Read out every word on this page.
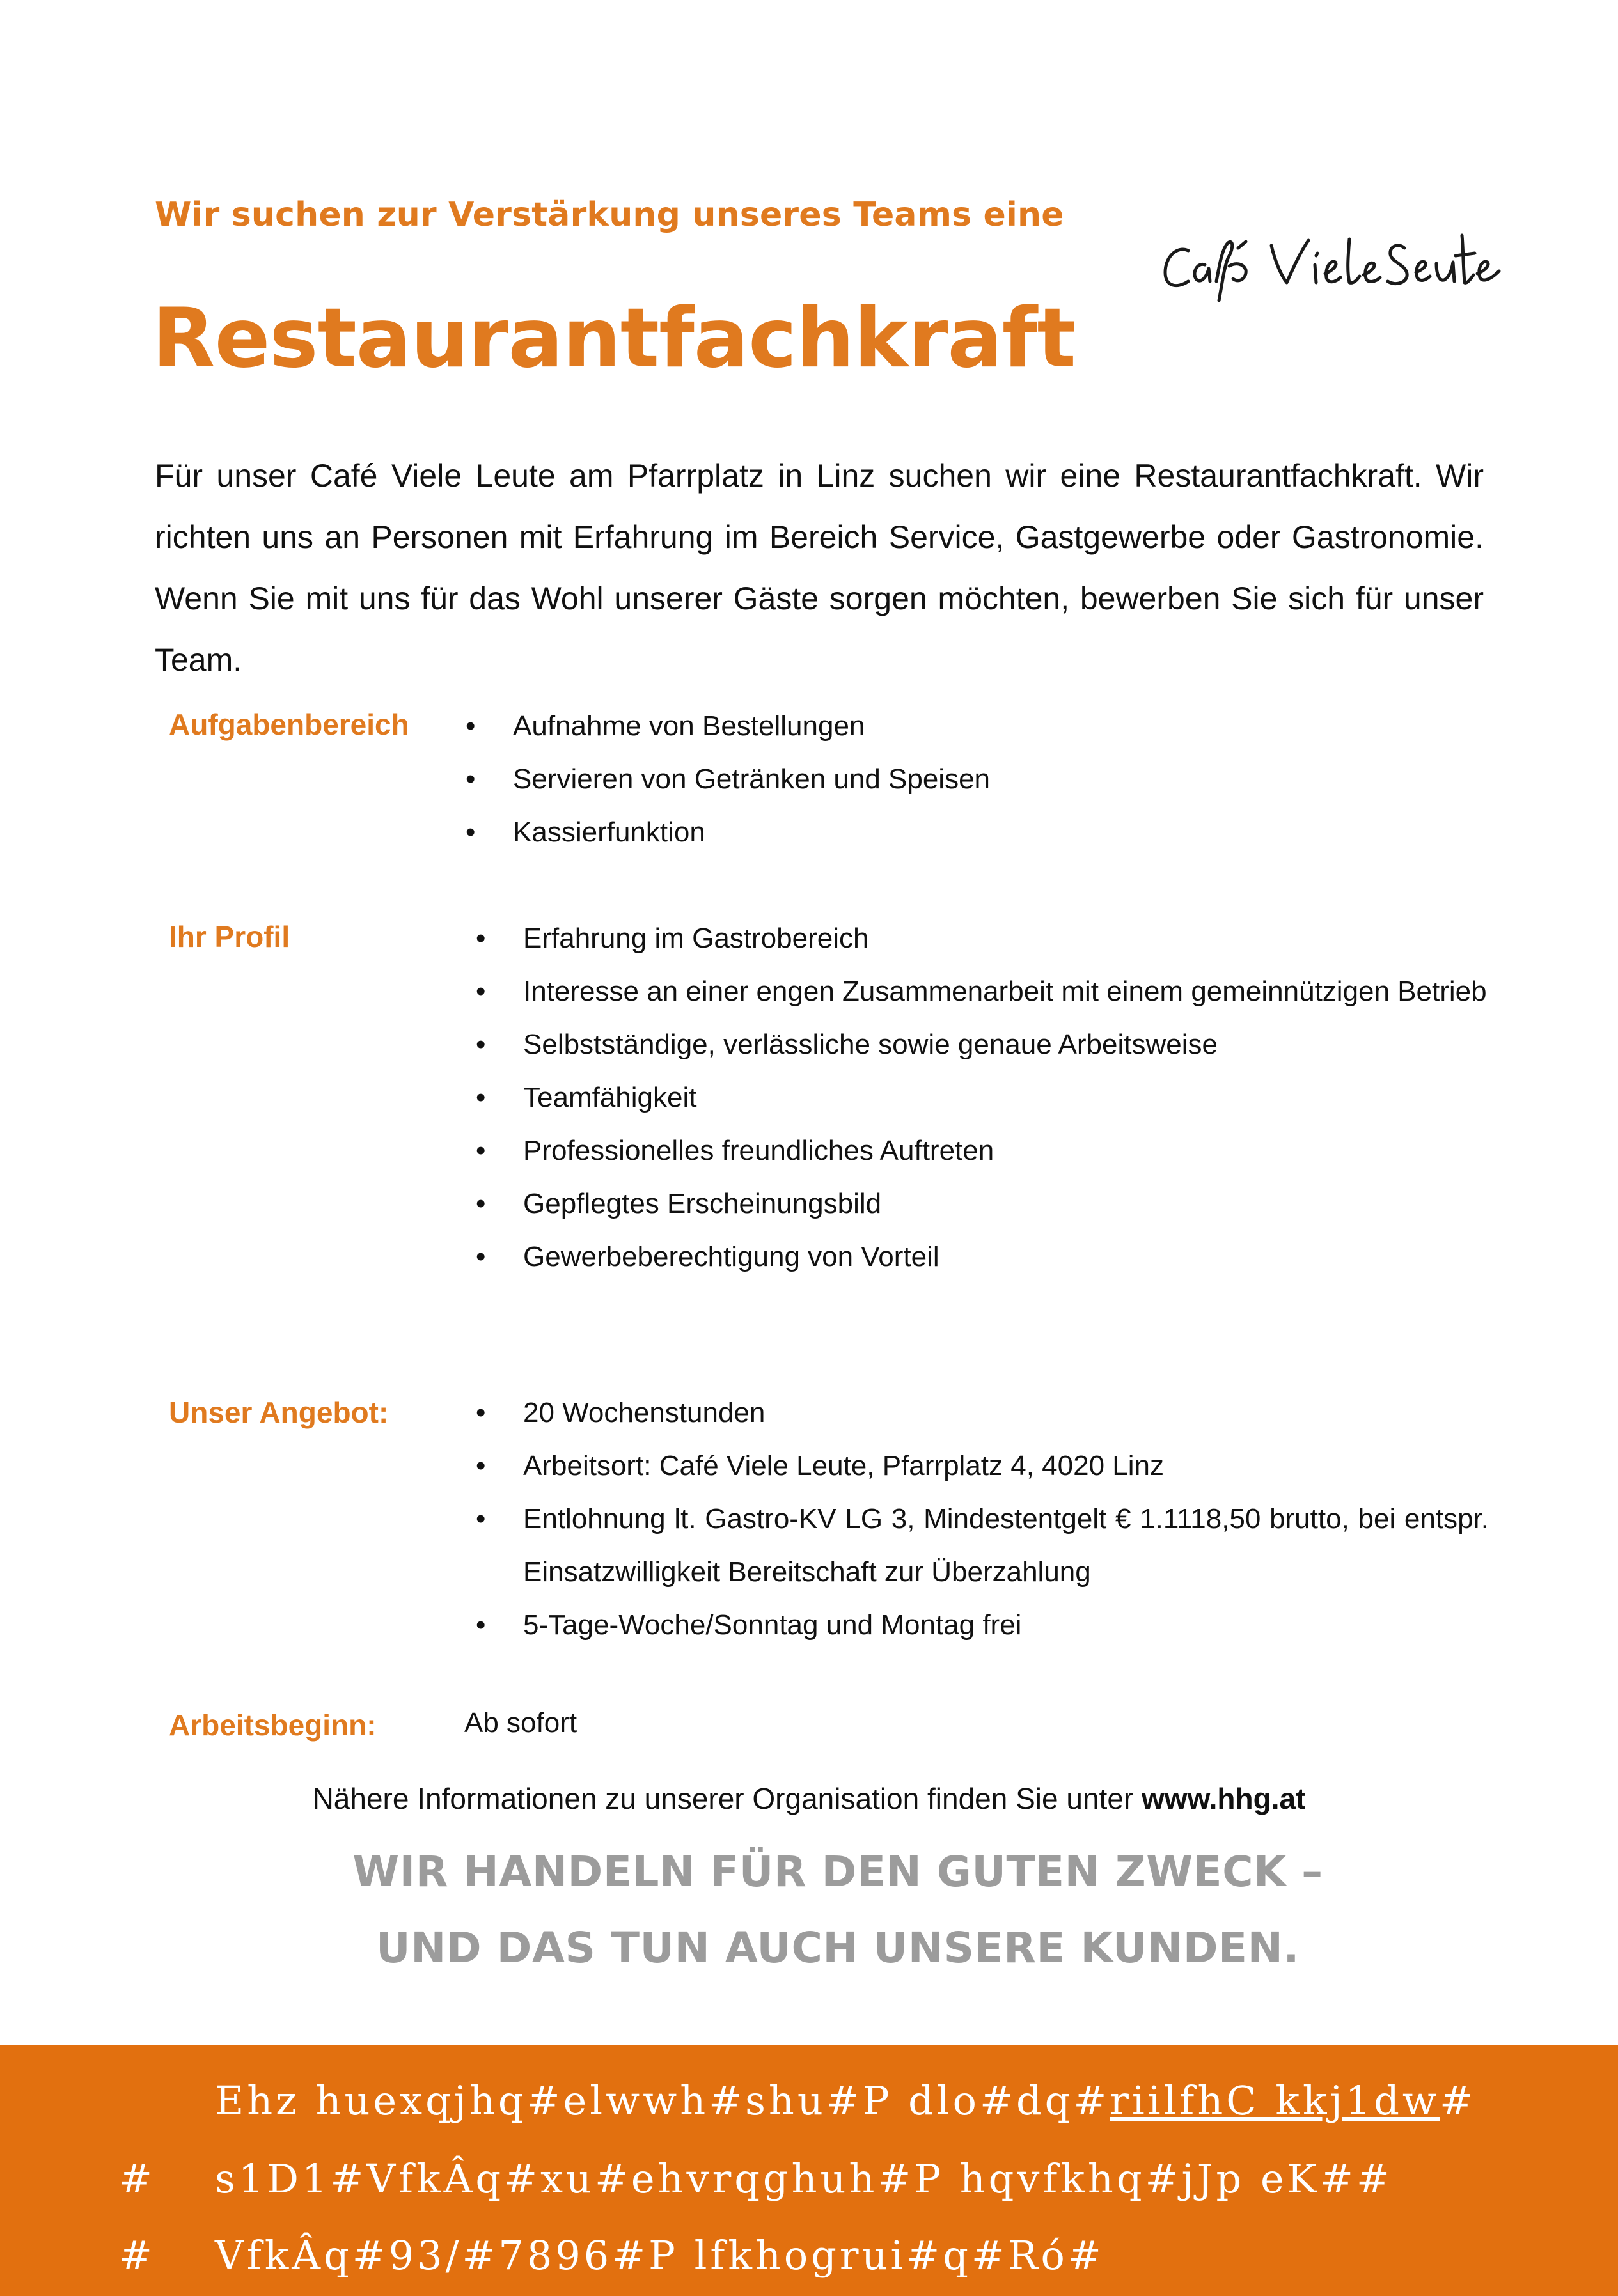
Wir suchen zur Verstärkung unseres Teams eine
Restaurantfachkraft
Für unser Café Viele Leute am Pfarrplatz in Linz suchen wir eine Restaurantfachkraft. Wir richten uns an Personen mit Erfahrung im Bereich Service, Gastgewerbe oder Gastronomie. Wenn Sie mit uns für das Wohl unserer Gäste sorgen möchten, bewerben Sie sich für unser Team.
Aufgabenbereich • Aufnahme von Bestellungen
• Servieren von Getränken und Speisen
• Kassierfunktion
Ihr Profil	• Erfahrung im Gastrobereich
• Interesse an einer engen Zusammenarbeit mit einem gemeinnützigen Betrieb
• Selbstständige, verlässliche sowie genaue Arbeitsweise
• Teamfähigkeit
• Professionelles freundliches Auftreten
• Gepflegtes Erscheinungsbild
• Gewerbeberechtigung von Vorteil
Unser Angebot:	• 20 Wochenstunden
• Arbeitsort: Café Viele Leute, Pfarrplatz 4, 4020 Linz
• Entlohnung lt. Gastro-KV LG 3, Mindestentgelt € 1.1118,50 brutto, bei entspr. Einsatzwilligkeit Bereitschaft zur Überzahlung
• 5-Tage-Woche/Sonntag und Montag frei
Arbeitsbeginn:	Ab sofort
Nähere Informationen zu unserer Organisation finden Sie unter www.hhg.at
WIR HANDELN FÜR DEN GUTEN ZWECK –
UND DAS TUN AUCH UNSERE KUNDEN.
Ehz huexqjhq#elwwh#shu#P dlo#dq#riilfhC kkj1dw#
# s1D1#VfkÂq#xu#ehvrqghuh#P hqvfkhq#jJp eK##
# VfkÂq#93/#7896#P lfkhogrui#q#Ró#
